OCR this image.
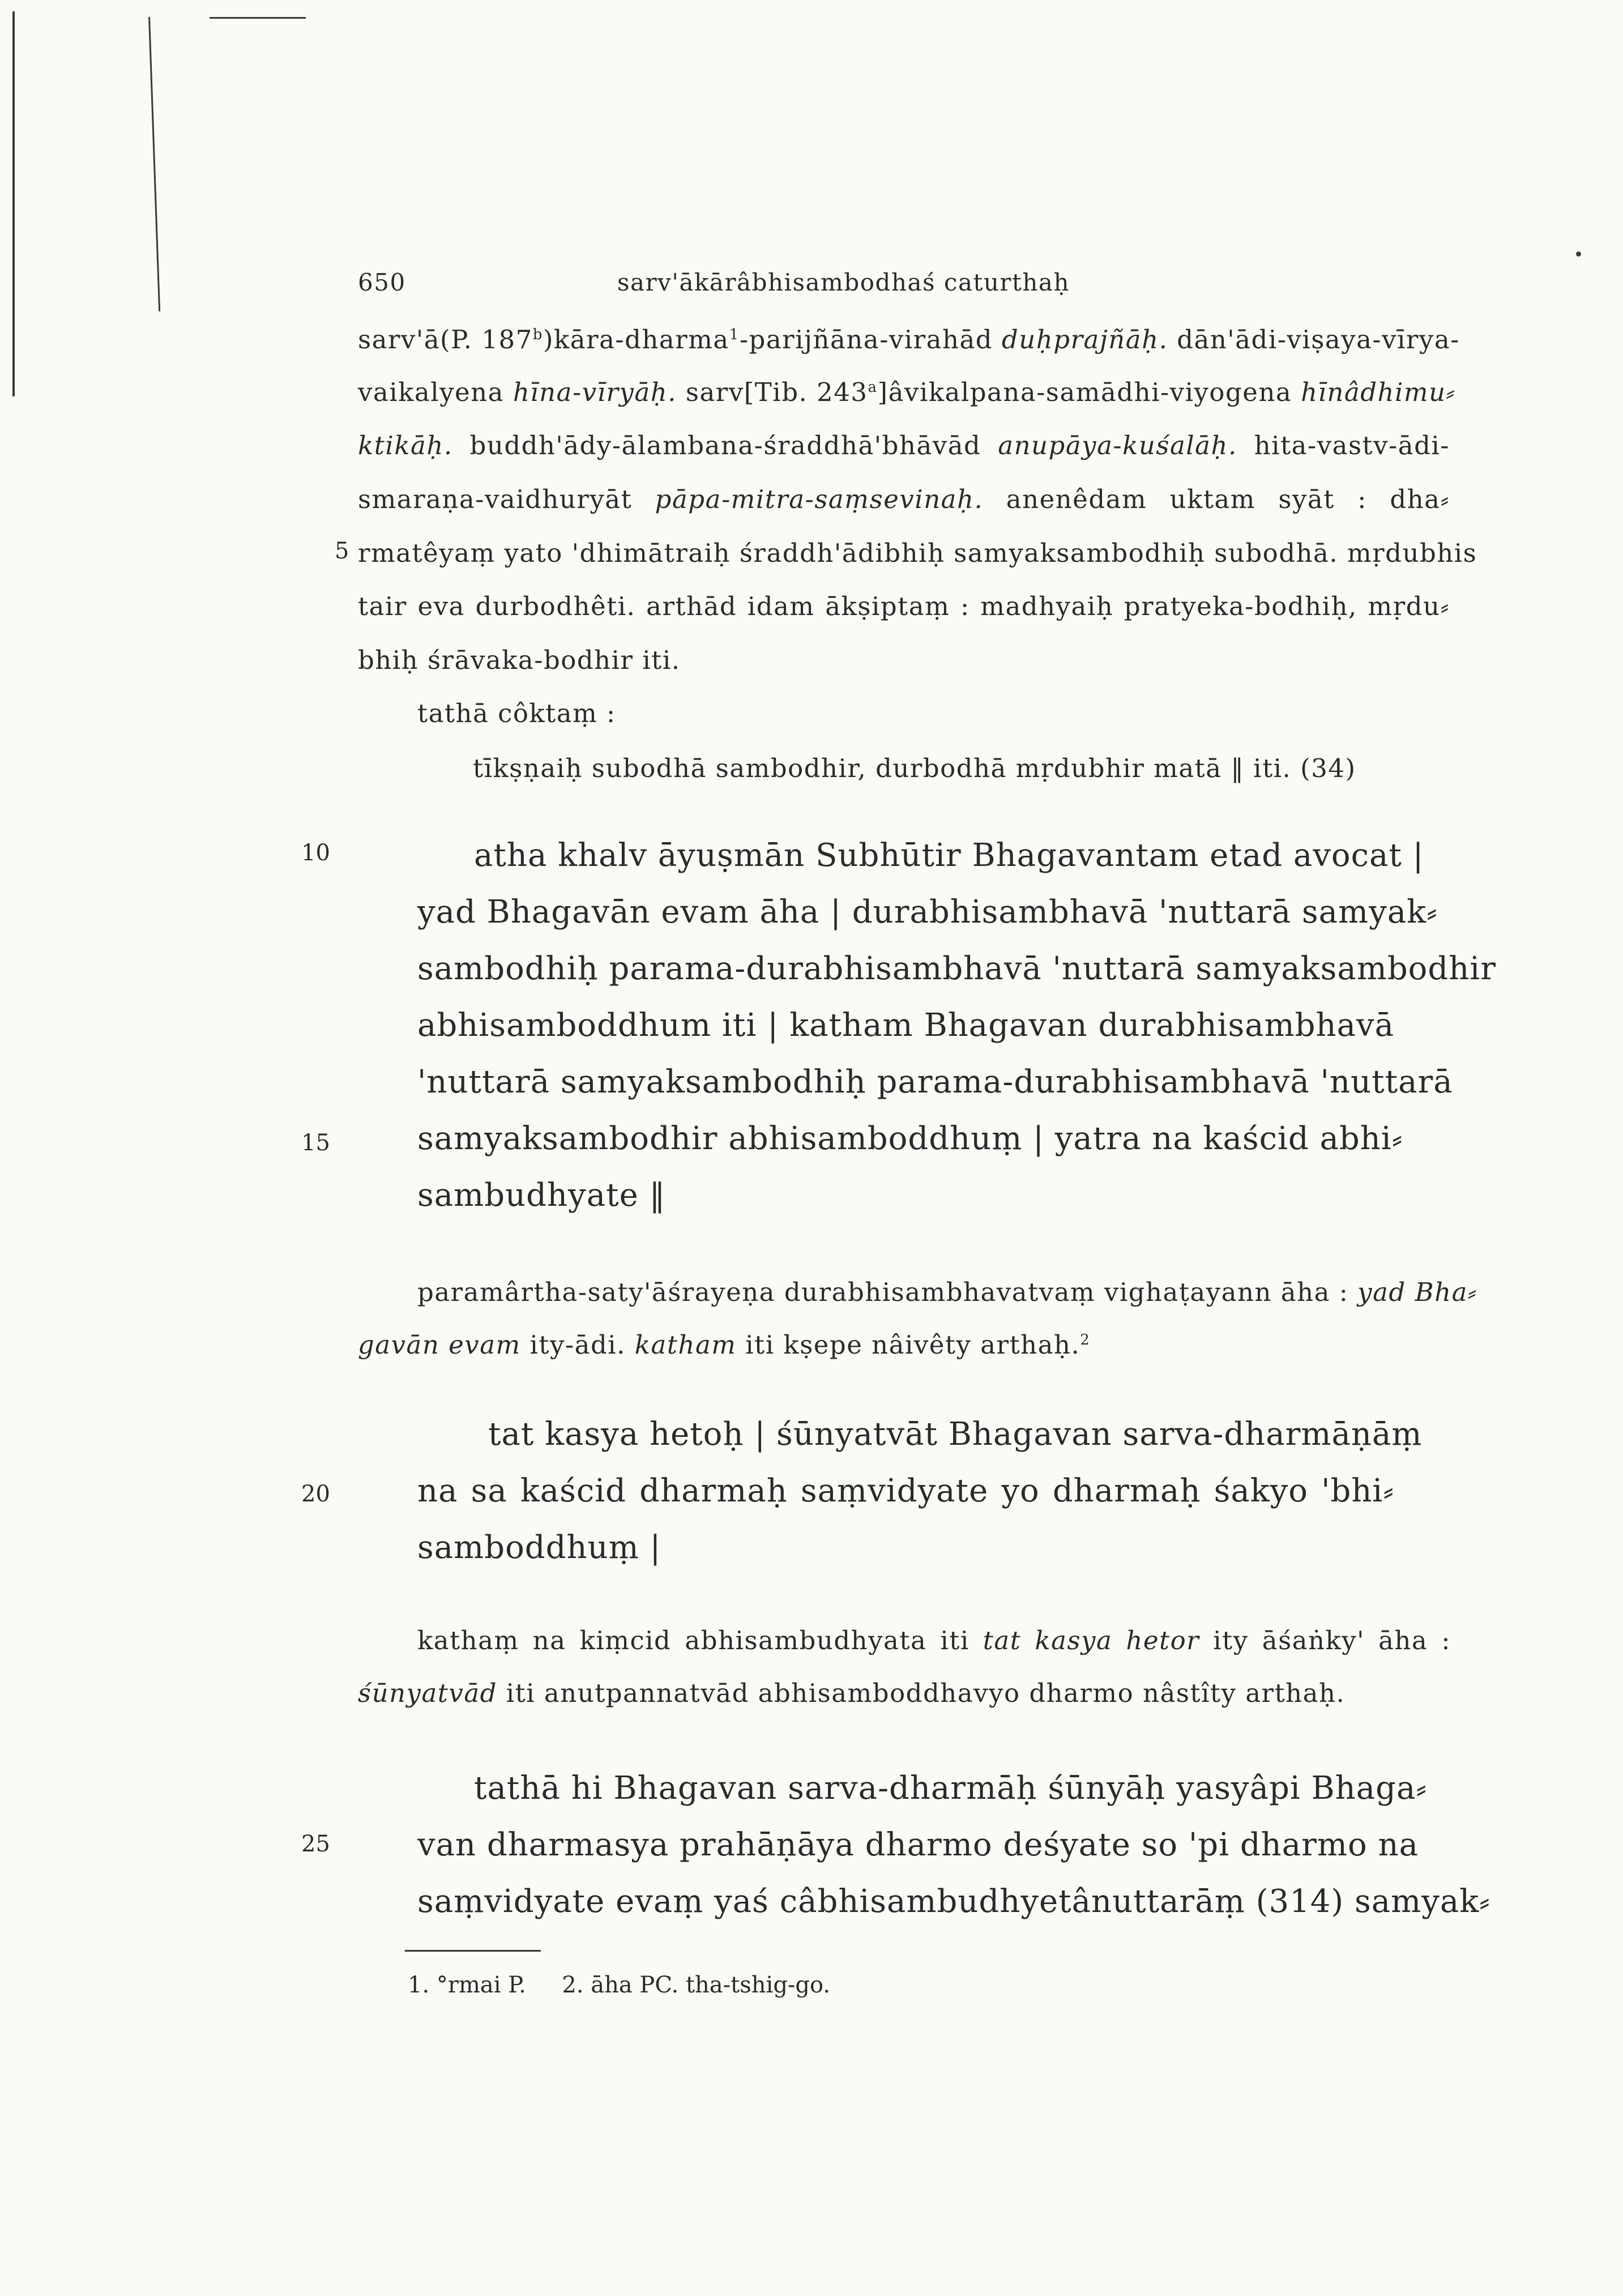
650	sarv'ākārâbhisambodhaś caturthaḥ
5
10
15
20
25
sarv'ā(P. 187$^b$)kāra-dharma$^1$-parijñāna-virahād duḥprajñāḥ. dān'ādi-viṣaya-vīrya-
vaikalyena hīna-vīryāḥ. sarv[Tib. 243$^a$]âvikalpana-samādhi-viyogena hīnâdhimu⸗
ktikāḥ. buddh'ādy-ālambana-śraddhā'bhāvād anupāya-kuśalāḥ. hita-vastv-ādi-
smaraṇa-vaidhuryāt pāpa-mitra-saṃsevinaḥ. anenêdam uktam syāt : dha⸗
rmatêyaṃ yato 'dhimātraiḥ śraddh'ādibhiḥ samyaksambodhiḥ subodhā. mṛdubhis
tair eva durbodhêti. arthād idam ākṣiptaṃ : madhyaiḥ pratyeka-bodhiḥ, mṛdu⸗
bhiḥ śrāvaka-bodhir iti.
tathā côktaṃ :
tīkṣṇaiḥ subodhā sambodhir, durbodhā mṛdubhir matā ‖ iti. (34)
atha khalv āyuṣmān Subhūtir Bhagavantam etad avocat |
yad Bhagavān evam āha | durabhisambhavā 'nuttarā samyak⸗
sambodhiḥ parama-durabhisambhavā 'nuttarā samyaksambodhir
abhisamboddhum iti | katham Bhagavan durabhisambhavā
'nuttarā samyaksambodhiḥ parama-durabhisambhavā 'nuttarā
samyaksambodhir abhisamboddhuṃ | yatra na kaścid abhi⸗
sambudhyate ‖
paramârtha-saty'āśrayeṇa durabhisambhavatvaṃ vighaṭayann āha : yad Bha⸗
gavān evam ity-ādi. katham iti kṣepe nâivêty arthaḥ.$^2$
tat kasya hetoḥ | śūnyatvāt Bhagavan sarva-dharmāṇāṃ
na sa kaścid dharmaḥ saṃvidyate yo dharmaḥ śakyo 'bhi⸗
samboddhuṃ |
kathaṃ na kiṃcid abhisambudhyata iti tat kasya hetor ity āśaṅky' āha :
śūnyatvād iti anutpannatvād abhisamboddhavyo dharmo nâstîty arthaḥ.
tathā hi Bhagavan sarva-dharmāḥ śūnyāḥ yasyâpi Bhaga⸗
van dharmasya prahāṇāya dharmo deśyate so 'pi dharmo na
saṃvidyate evaṃ yaś câbhisambudhyetânuttarāṃ (314) samyak⸗
1. °rmai P.     2. āha PC. tha-tshig-go.
